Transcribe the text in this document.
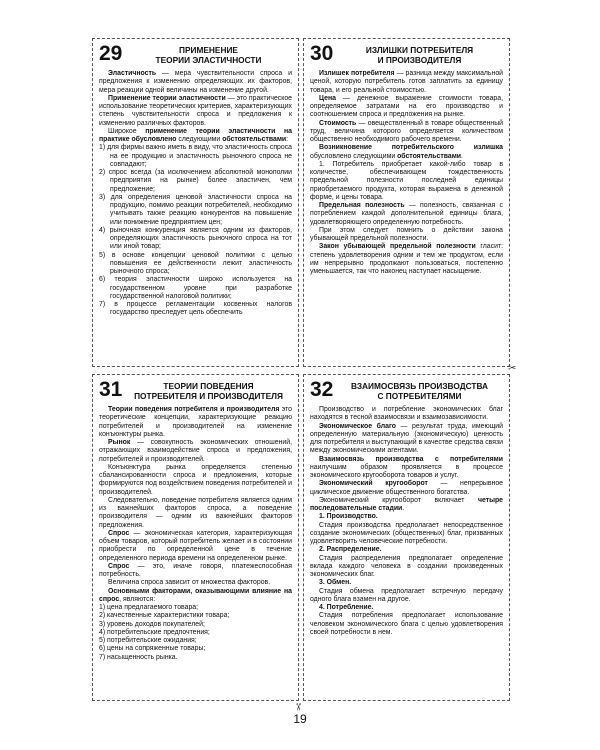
29	ПРИМЕНЕНИЕ
ТЕОРИИ ЭЛАСТИЧНОСТИ

Эластичность — мера чувствительности спроса и предложения к изменению определяющих их факторов, мера реакции одной величины на изменение другой.

Применение теории эластичности — это практическое использование теоретических критериев, характеризующих степень чувствительности спроса и предложения к изменению различных факторов.

Широкое применение теории эластичности на практике обусловлено следующими обстоятельствами:

1) для фирмы важно иметь в виду, что эластичность спроса на ее продукцию и эластичность рыночного спроса не совпадают;

2) спрос всегда (за исключением абсолютной монополии предприятия на рынке) более эластичен, чем предложение;

3) для определения ценовой эластичности спроса на продукцию, помимо реакции потребителей, необходимо учитывать также реакцию конкурентов на повышение или понижение предприятием цен;

4) рыночная конкуренция является одним из факторов, определяющих эластичность рыночного спроса на тот или иной товар;

5) в основе концепции ценовой политики с целью повышения ее действенности лежит эластичность рыночного спроса;

6) теория эластичности широко используется на государственном уровне при разработке государственной налоговой политики;

7) в процессе регламентации косвенных налогов государство преследует цель обеспечить

30	ИЗЛИШКИ ПОТРЕБИТЕЛЯ
И ПРОИЗВОДИТЕЛЯ

Излишек потребителя — разница между максимальной ценой, которую потребитель готов заплатить за единицу товара, и его реальной стоимостью.

Цена — денежное выражение стоимости товара, определяемое затратами на его производство и соотношением спроса и предложения на рынке.

Стоимость — овеществленный в товаре общественный труд, величина которого определяется количеством общественно необходимого рабочего времени.

Возникновение потребительского излишка обусловлено следующими обстоятельствами.

1. Потребитель приобретает какой-либо товар в количестве, обеспечивающем тождественность предельной полезности последней единицы приобретаемого продукта, которая выражена в денежной форме, и цены товара.

Предельная полезность — полезность, связанная с потреблением каждой дополнительной единицы блага, удовлетворяющего определенную потребность.

При этом следует помнить о действии закона убывающей предельной полезности.

Закон убывающей предельной полезности гласит: степень удовлетворения одним и тем же продуктом, если им непрерывно продолжают пользоваться, постепенно уменьшается, так что наконец наступает насыщение.

31	ТЕОРИИ ПОВЕДЕНИЯ
ПОТРЕБИТЕЛЯ И ПРОИЗВОДИТЕЛЯ

Теории поведения потребителя и производителя это теоретические концепции, характеризующие реакцию потребителей и производителей на изменение конъюнктуры рынка.

Рынок — совокупность экономических отношений, отражающих взаимодействие спроса и предложения, потребителей и производителей.

Конъюнктура рынка определяется степенью сбалансированности спроса и предложения, которые формируются под воздействием поведения потребителей и производителей.

Следовательно, поведение потребителя является одним из важнейших факторов спроса, а поведение производителя — одним из важнейших факторов предложения.

Спрос — экономическая категория, характеризующая объем товаров, который потребитель желает и в состоянии приобрести по определенной цене в течение определенного периода времени на определенном рынке.

Спрос — это, иначе говоря, платежеспособная потребность.

Величина спроса зависит от множества факторов.

Основными факторами, оказывающими влияние на спрос, являются:

1) цена предлагаемого товара;

2) качественные характеристики товара;

3) уровень доходов покупателей;

4) потребительские предпочтения;

5) потребительские ожидания;

6) цены на сопряженные товары;

7) насыщенность рынка.

32	ВЗАИМОСВЯЗЬ ПРОИЗВОДСТВА
С ПОТРЕБИТЕЛЯМИ

Производство и потребление экономических благ находятся в тесной взаимосвязи и взаимозависимости.

Экономическое благо — результат труда, имеющий определенную материальную (экономическую) ценность для потребителя и выступающий в качестве средства связи между экономическими агентами.

Взаимосвязь производства с потребителями наилучшим образом проявляется в процессе экономического кругооборота товаров и услуг.

Экономический кругооборот — непрерывное циклическое движение общественного богатства.

Экономический кругооборот включает четыре последовательные стадии.

1. Производство.

Стадия производства предполагает непосредственное создание экономических (общественных) благ, призванных удовлетворить человеческие потребности.

2. Распределение.

Стадия распределения предполагает определение вклада каждого человека в создании произведенных экономических благ.

3. Обмен.

Стадия обмена предполагает встречную передачу одного блага взамен на другое.

4. Потребление.

Стадия потребления предполагает использование человеком экономического блага с целью удовлетворения своей потребности в нем.

✂
✂
19
